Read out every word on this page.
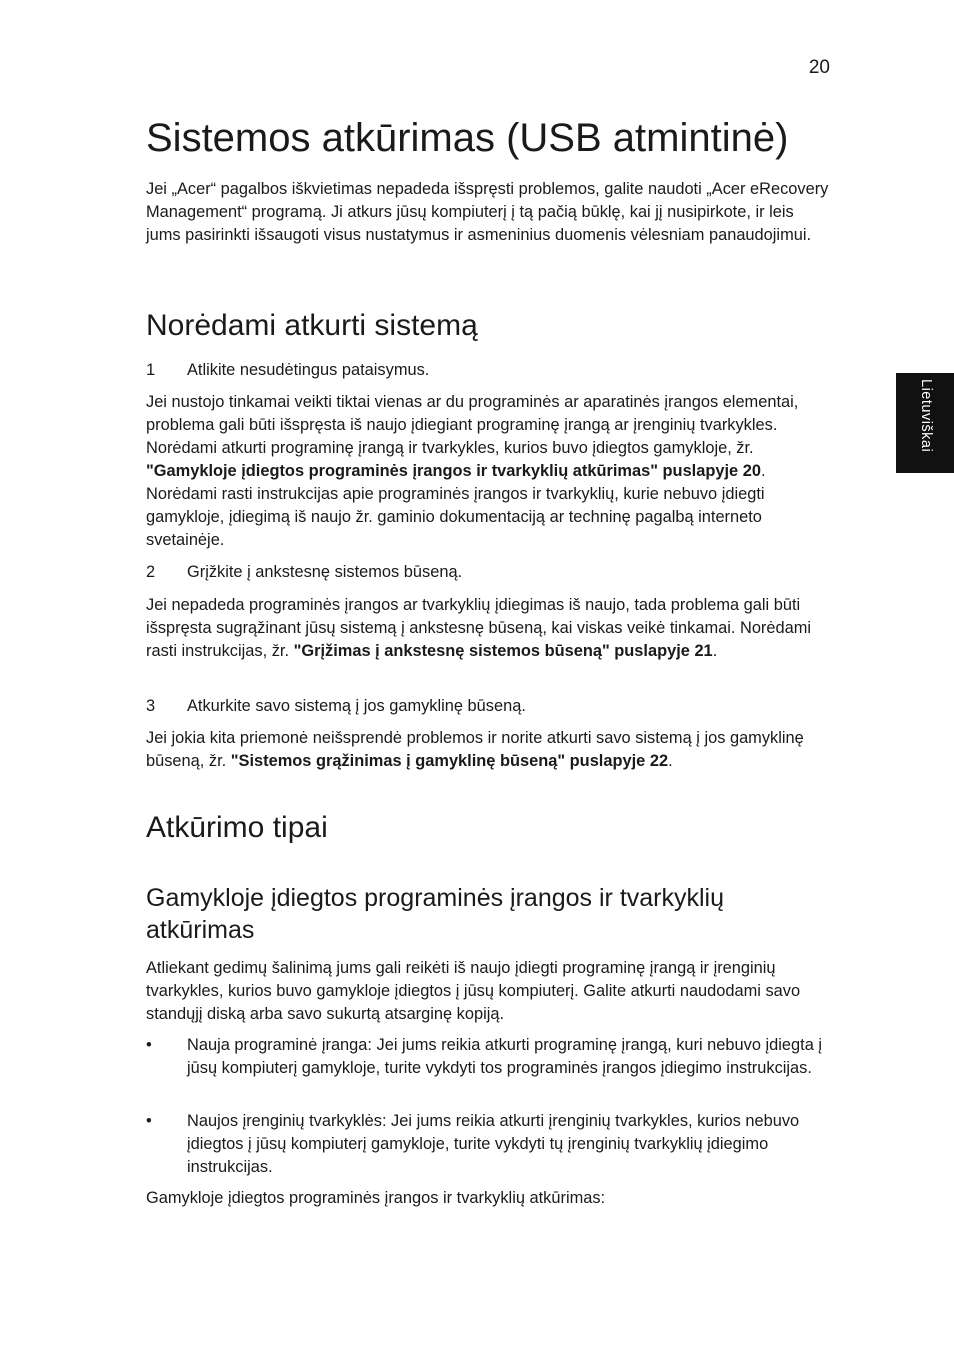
20
Lietuviškai
Sistemos atkūrimas (USB atmintinė)

Jei „Acer“ pagalbos iškvietimas nepadeda išspręsti problemos, galite naudoti „Acer eRecovery Management“ programą. Ji atkurs jūsų kompiuterį į tą pačią būklę, kai jį nusipirkote, ir leis jums pasirinkti išsaugoti visus nustatymus ir asmeninius duomenis vėlesniam panaudojimui.

Norėdami atkurti sistemą
1 Atlikite nesudėtingus pataisymus.

Jei nustojo tinkamai veikti tiktai vienas ar du programinės ar aparatinės įrangos elementai, problema gali būti išspręsta iš naujo įdiegiant programinę įrangą ar įrenginių tvarkykles. Norėdami atkurti programinę įrangą ir tvarkykles, kurios buvo įdiegtos gamykloje, žr. "Gamykloje įdiegtos programinės įrangos ir tvarkyklių atkūrimas" puslapyje 20. Norėdami rasti instrukcijas apie programinės įrangos ir tvarkyklių, kurie nebuvo įdiegti gamykloje, įdiegimą iš naujo žr. gaminio dokumentaciją ar techninę pagalbą interneto svetainėje.

2 Grįžkite į ankstesnę sistemos būseną.

Jei nepadeda programinės įrangos ar tvarkyklių įdiegimas iš naujo, tada problema gali būti išspręsta sugrąžinant jūsų sistemą į ankstesnę būseną, kai viskas veikė tinkamai. Norėdami rasti instrukcijas, žr. "Grįžimas į ankstesnę sistemos būseną" puslapyje 21.

3 Atkurkite savo sistemą į jos gamyklinę būseną.

Jei jokia kita priemonė neišsprendė problemos ir norite atkurti savo sistemą į jos gamyklinę būseną, žr. "Sistemos grąžinimas į gamyklinę būseną" puslapyje 22.

Atkūrimo tipai
Gamykloje įdiegtos programinės įrangos ir tvarkyklių atkūrimas

Atliekant gedimų šalinimą jums gali reikėti iš naujo įdiegti programinę įrangą ir įrenginių tvarkykles, kurios buvo gamykloje įdiegtos į jūsų kompiuterį. Galite atkurti naudodami savo standųjį diską arba savo sukurtą atsarginę kopiją.

• Nauja programinė įranga: Jei jums reikia atkurti programinę įrangą, kuri nebuvo įdiegta į jūsų kompiuterį gamykloje, turite vykdyti tos programinės įrangos įdiegimo instrukcijas.
• Naujos įrenginių tvarkyklės: Jei jums reikia atkurti įrenginių tvarkykles, kurios nebuvo įdiegtos į jūsų kompiuterį gamykloje, turite vykdyti tų įrenginių tvarkyklių įdiegimo instrukcijas.

Gamykloje įdiegtos programinės įrangos ir tvarkyklių atkūrimas:
